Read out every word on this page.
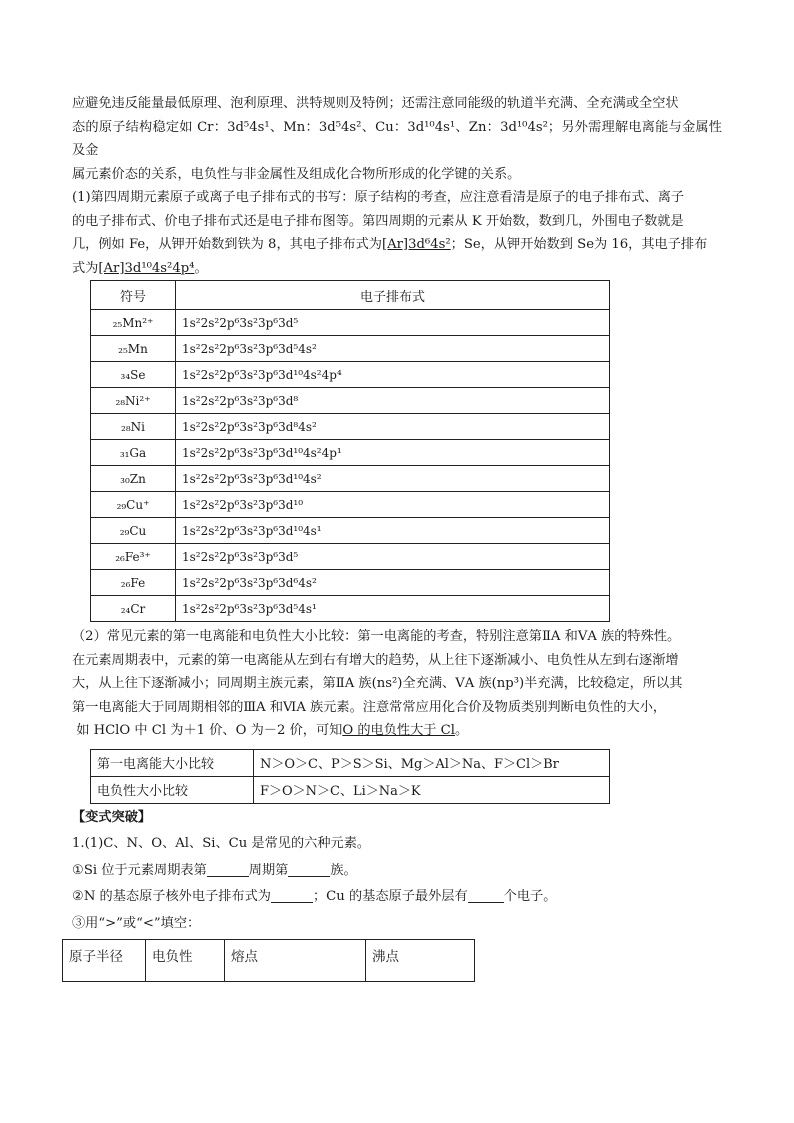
应避免违反能量最低原理、泡利原理、洪特规则及特例；还需注意同能级的轨道半充满、全充满或全空状

态的原子结构稳定如 Cr：3d⁵4s¹、Mn：3d⁵4s²、Cu：3d¹⁰4s¹、Zn：3d¹⁰4s²；另外需理解电离能与金属性及金

属元素价态的关系，电负性与非金属性及组成化合物所形成的化学键的关系。

(1)第四周期元素原子或离子电子排布式的书写：原子结构的考查，应注意看清是原子的电子排布式、离子

的电子排布式、价电子排布式还是电子排布图等。第四周期的元素从 K 开始数，数到几，外围电子数就是

几，例如 Fe，从钾开始数到铁为 8，其电子排布式为[Ar]3d⁶4s²；Se，从钾开始数到 Se为 16，其电子排布

式为[Ar]3d¹⁰4s²4p⁴。

符号	电子排布式
₂₅Mn²⁺	1s²2s²2p⁶3s²3p⁶3d⁵
₂₅Mn	1s²2s²2p⁶3s²3p⁶3d⁵4s²
₃₄Se	1s²2s²2p⁶3s²3p⁶3d¹⁰4s²4p⁴
₂₈Ni²⁺	1s²2s²2p⁶3s²3p⁶3d⁸
₂₈Ni	1s²2s²2p⁶3s²3p⁶3d⁸4s²
₃₁Ga	1s²2s²2p⁶3s²3p⁶3d¹⁰4s²4p¹
₃₀Zn	1s²2s²2p⁶3s²3p⁶3d¹⁰4s²
₂₉Cu⁺	1s²2s²2p⁶3s²3p⁶3d¹⁰
₂₉Cu	1s²2s²2p⁶3s²3p⁶3d¹⁰4s¹
₂₆Fe³⁺	1s²2s²2p⁶3s²3p⁶3d⁵
₂₆Fe	1s²2s²2p⁶3s²3p⁶3d⁶4s²
₂₄Cr	1s²2s²2p⁶3s²3p⁶3d⁵4s¹

（2）常见元素的第一电离能和电负性大小比较：第一电离能的考查，特别注意第ⅡA 和ⅤA 族的特殊性。

在元素周期表中，元素的第一电离能从左到右有增大的趋势，从上往下逐渐减小、电负性从左到右逐渐增

大，从上往下逐渐减小；同周期主族元素，第ⅡA 族(ns²)全充满、ⅤA 族(np³)半充满，比较稳定，所以其

第一电离能大于同周期相邻的ⅢA 和ⅥA 族元素。注意常常应用化合价及物质类别判断电负性的大小，

如 HClO 中 Cl 为＋1 价、O 为－2 价，可知O 的电负性大于 Cl。

第一电离能大小比较	N＞O＞C、P＞S＞Si、Mg＞Al＞Na、F＞Cl＞Br
电负性大小比较	F＞O＞N＞C、Li＞Na＞K

【变式突破】

1.(1)C、N、O、Al、Si、Cu 是常见的六种元素。

①Si 位于元素周期表第	周期第	族。

②N 的基态原子核外电子排布式为	；Cu 的基态原子最外层有	个电子。

③用“>”或“<”填空：

原子半径	电负性	熔点	沸点
